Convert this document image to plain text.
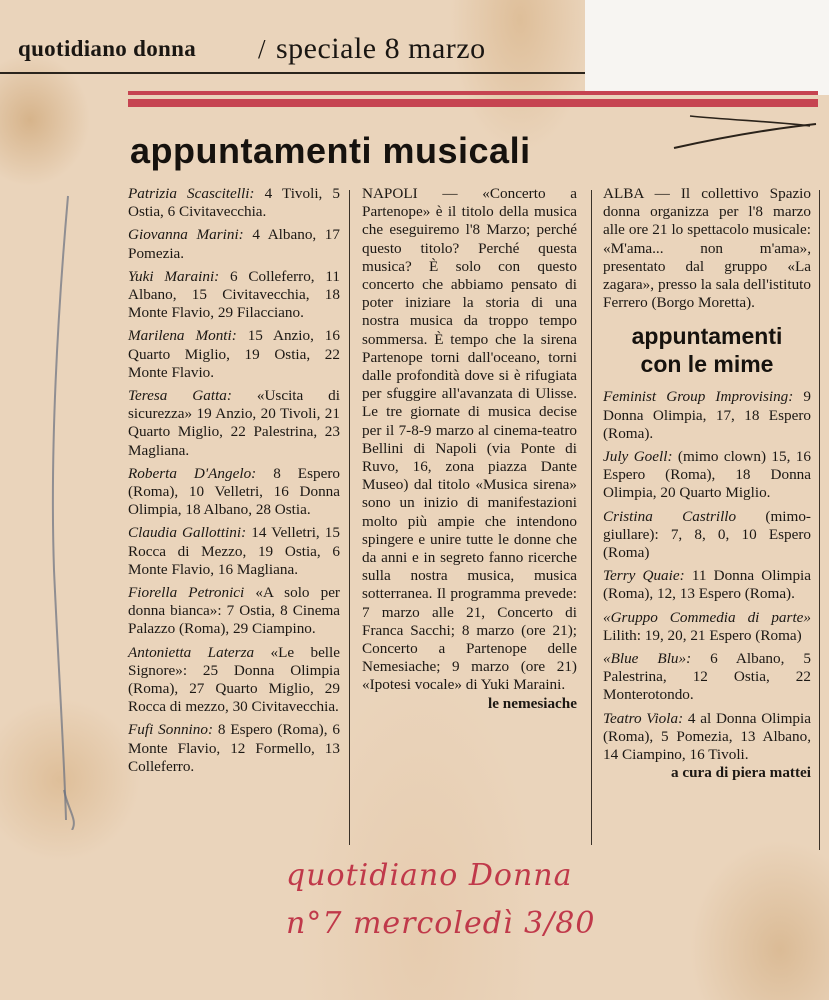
quotidiano donna / speciale 8 marzo
appuntamenti musicali

Patrizia Scascitelli: 4 Tivoli, 5 Ostia, 6 Civitavecchia.

Giovanna Marini: 4 Albano, 17 Pomezia.

Yuki Maraini: 6 Colleferro, 11 Albano, 15 Civitavecchia, 18 Monte Flavio, 29 Filacciano.

Marilena Monti: 15 Anzio, 16 Quarto Miglio, 19 Ostia, 22 Monte Flavio.

Teresa Gatta: «Uscita di sicurezza» 19 Anzio, 20 Tivoli, 21 Quarto Miglio, 22 Palestrina, 23 Magliana.

Roberta D'Angelo: 8 Espero (Roma), 10 Velletri, 16 Donna Olimpia, 18 Albano, 28 Ostia.

Claudia Gallottini: 14 Velletri, 15 Rocca di Mezzo, 19 Ostia, 6 Monte Flavio, 16 Magliana.

Fiorella Petronici «A solo per donna bianca»: 7 Ostia, 8 Cinema Palazzo (Roma), 29 Ciampino.

Antonietta Laterza «Le belle Signore»: 25 Donna Olimpia (Roma), 27 Quarto Miglio, 29 Rocca di mezzo, 30 Civitavecchia.

Fufi Sonnino: 8 Espero (Roma), 6 Monte Flavio, 12 Formello, 13 Colleferro.

NAPOLI — «Concerto a Partenope» è il titolo della musica che eseguiremo l'8 Marzo; perché questo titolo? Perché questa musica? È solo con questo concerto che abbiamo pensato di poter iniziare la storia di una nostra musica da troppo tempo sommersa. È tempo che la sirena Partenope torni dall'oceano, torni dalle profondità dove si è rifugiata per sfuggire all'avanzata di Ulisse. Le tre giornate di musica decise per il 7-8-9 marzo al cinema-teatro Bellini di Napoli (via Ponte di Ruvo, 16, zona piazza Dante Museo) dal titolo «Musica sirena» sono un inizio di manifestazioni molto più ampie che intendono spingere e unire tutte le donne che da anni e in segreto fanno ricerche sulla nostra musica, musica sotterranea. Il programma prevede: 7 marzo alle 21, Concerto di Franca Sacchi; 8 marzo (ore 21); Concerto a Partenope delle Nemesiache; 9 marzo (ore 21) «Ipotesi vocale» di Yuki Maraini.

le nemesiache

ALBA — Il collettivo Spazio donna organizza per l'8 marzo alle ore 21 lo spettacolo musicale: «M'ama... non m'ama», presentato dal gruppo «La zagara», presso la sala dell'istituto Ferrero (Borgo Moretta).

appuntamenti
con le mime

Feminist Group Improvising: 9 Donna Olimpia, 17, 18 Espero (Roma).

July Goell: (mimo clown) 15, 16 Espero (Roma), 18 Donna Olimpia, 20 Quarto Miglio.

Cristina Castrillo (mimo-giullare): 7, 8, 0, 10 Espero (Roma)

Terry Quaie: 11 Donna Olimpia (Roma), 12, 13 Espero (Roma).

«Gruppo Commedia di parte» Lilith: 19, 20, 21 Espero (Roma)

«Blue Blu»: 6 Albano, 5 Palestrina, 12 Ostia, 22 Monterotondo.

Teatro Viola: 4 al Donna Olimpia (Roma), 5 Pomezia, 13 Albano, 14 Ciampino, 16 Tivoli.

a cura di piera mattei

quotidiano Donna
n°7 mercoledì 3/80
